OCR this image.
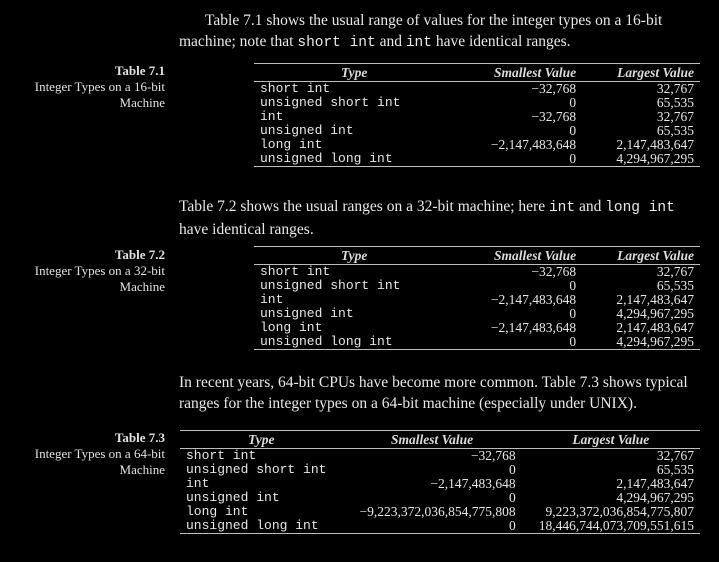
Table 7.1 shows the usual range of values for the integer types on a 16-bit machine; note that short int and int have identical ranges.

Table 7.1
Integer Types on a 16-bit Machine
Type	Smallest Value	Largest Value
short int	−32,768	32,767
unsigned short int	0	65,535
int	−32,768	32,767
unsigned int	0	65,535
long int	−2,147,483,648	2,147,483,647
unsigned long int	0	4,294,967,295

Table 7.2 shows the usual ranges on a 32-bit machine; here int and long int have identical ranges.

Table 7.2
Integer Types on a 32-bit Machine
Type	Smallest Value	Largest Value
short int	−32,768	32,767
unsigned short int	0	65,535
int	−2,147,483,648	2,147,483,647
unsigned int	0	4,294,967,295
long int	−2,147,483,648	2,147,483,647
unsigned long int	0	4,294,967,295

In recent years, 64-bit CPUs have become more common. Table 7.3 shows typical ranges for the integer types on a 64-bit machine (especially under UNIX).

Table 7.3
Integer Types on a 64-bit Machine
Type	Smallest Value	Largest Value
short int	−32,768	32,767
unsigned short int	0	65,535
int	−2,147,483,648	2,147,483,647
unsigned int	0	4,294,967,295
long int	−9,223,372,036,854,775,808	9,223,372,036,854,775,807
unsigned long int	0	18,446,744,073,709,551,615
